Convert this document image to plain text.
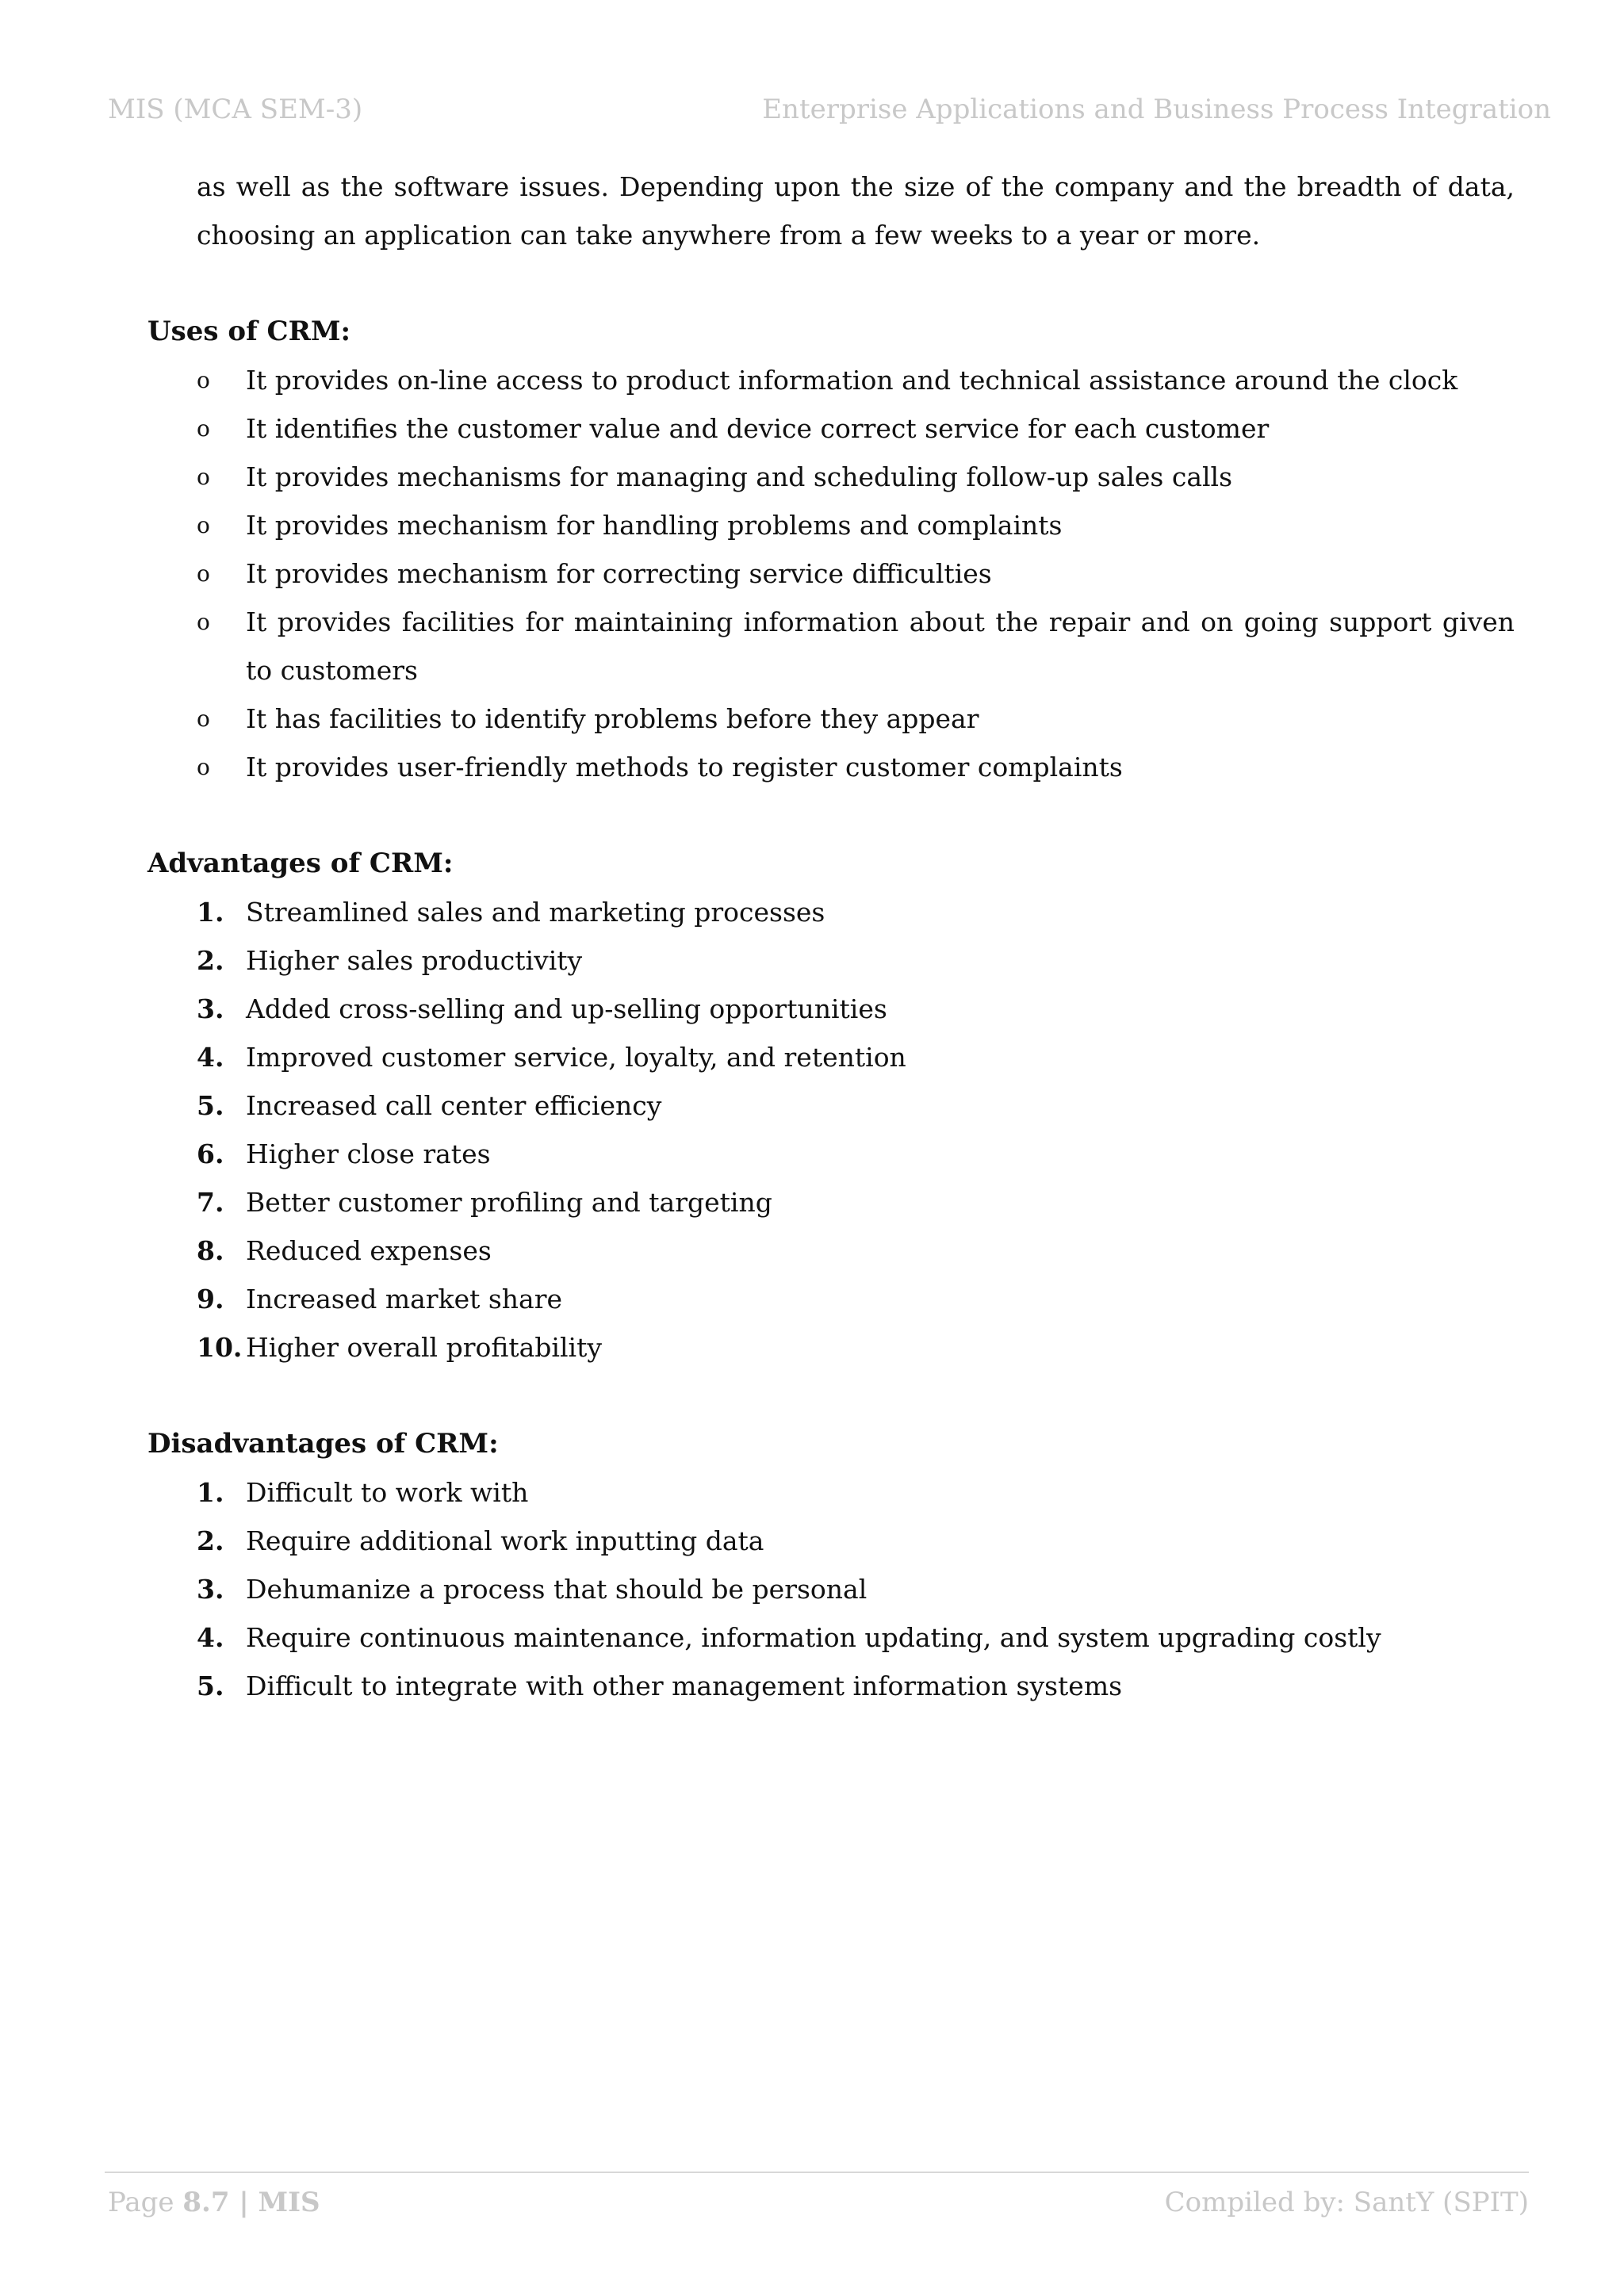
MIS (MCA SEM-3)	Enterprise Applications and Business Process Integration

as well as the software issues. Depending upon the size of the company and the breadth of data, choosing an application can take anywhere from a few weeks to a year or more.

Uses of CRM:
o It provides on-line access to product information and technical assistance around the clock
o It identifies the customer value and device correct service for each customer
o It provides mechanisms for managing and scheduling follow-up sales calls
o It provides mechanism for handling problems and complaints
o It provides mechanism for correcting service difficulties
o It provides facilities for maintaining information about the repair and on going support given to customers
o It has facilities to identify problems before they appear
o It provides user-friendly methods to register customer complaints
Advantages of CRM:
1. Streamlined sales and marketing processes
2. Higher sales productivity
3. Added cross-selling and up-selling opportunities
4. Improved customer service, loyalty, and retention
5. Increased call center efficiency
6. Higher close rates
7. Better customer profiling and targeting
8. Reduced expenses
9. Increased market share
10. Higher overall profitability
Disadvantages of CRM:
1. Difficult to work with
2. Require additional work inputting data
3. Dehumanize a process that should be personal
4. Require continuous maintenance, information updating, and system upgrading costly
5. Difficult to integrate with other management information systems
Page 8.7 | MIS	Compiled by: SantY (SPIT)
